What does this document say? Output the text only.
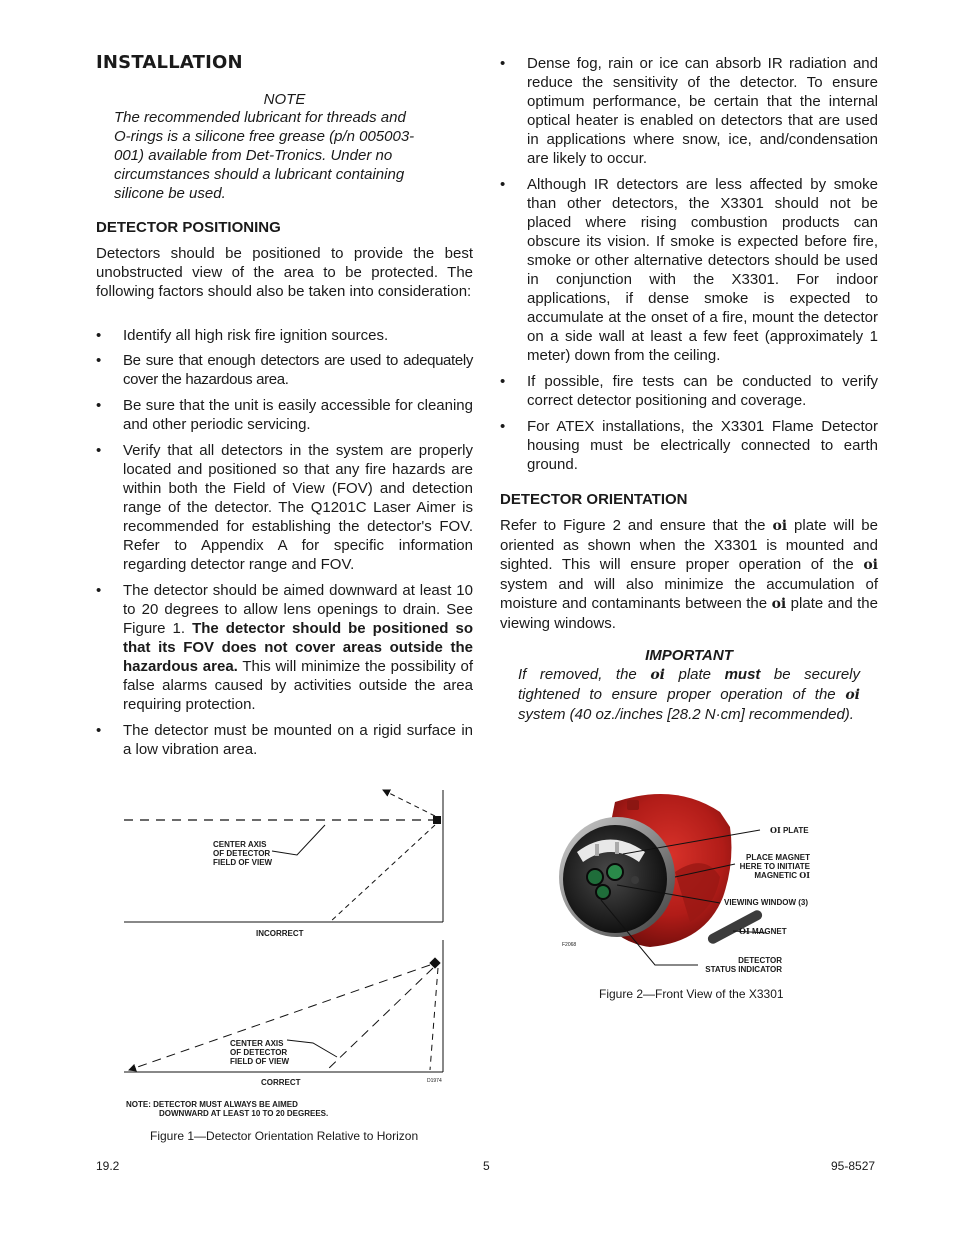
INSTALLATION
NOTE
The recommended lubricant for threads and
O-rings is a silicone free grease (p/n 005003-
001) available from Det-Tronics. Under no
circumstances should a lubricant containing
silicone be used.
DETECTOR POSITIONING

Detectors should be positioned to provide the best unobstructed view of the area to be protected. The following factors should also be taken into consideration:

• Identify all high risk fire ignition sources.
• Be sure that enough detectors are used to adequately cover the hazardous area.
• Be sure that the unit is easily accessible for cleaning and other periodic servicing.
• Verify that all detectors in the system are properly located and positioned so that any fire hazards are within both the Field of View (FOV) and detection range of the detector. The Q1201C Laser Aimer is recommended for establishing the detector's FOV. Refer to Appendix A for specific information regarding detector range and FOV.
• The detector should be aimed downward at least 10 to 20 degrees to allow lens openings to drain. See Figure 1. The detector should be positioned so that its FOV does not cover areas outside the hazardous area. This will minimize the possibility of false alarms caused by activities outside the area requiring protection.
• The detector must be mounted on a rigid surface in a low vibration area.
• Dense fog, rain or ice can absorb IR radiation and reduce the sensitivity of the detector. To ensure optimum performance, be certain that the internal optical heater is enabled on detectors that are used in applications where snow, ice, and/condensation are likely to occur.
• Although IR detectors are less affected by smoke than other detectors, the X3301 should not be placed where rising combustion products can obscure its vision. If smoke is expected before fire, smoke or other alternative detectors should be used in conjunction with the X3301. For indoor applications, if dense smoke is expected to accumulate at the onset of a fire, mount the detector on a side wall at least a few feet (approximately 1 meter) down from the ceiling.
• If possible, fire tests can be conducted to verify correct detector positioning and coverage.
• For ATEX installations, the X3301 Flame Detector housing must be electrically connected to earth ground.
DETECTOR ORIENTATION

Refer to Figure 2 and ensure that the oi plate will be oriented as shown when the X3301 is mounted and sighted. This will ensure proper operation of the oi system and will also minimize the accumulation of moisture and contaminants between the oi plate and the viewing windows.

IMPORTANT

If removed, the oi plate must be securely tightened to ensure proper operation of the oi system (40 oz./inches [28.2 N·cm] recommended).

CENTER AXIS
OF DETECTOR
FIELD OF VIEW
INCORRECT
CENTER AXIS
OF DETECTOR
FIELD OF VIEW
CORRECT	D1974
NOTE: DETECTOR MUST ALWAYS BE AIMED
DOWNWARD AT LEAST 10 TO 20 DEGREES.
Figure 1—Detector Orientation Relative to Horizon
OI PLATE
PLACE MAGNET
HERE TO INITIATE
MAGNETIC OI
VIEWING WINDOW (3)
OI MAGNET
DETECTOR
STATUS INDICATOR
F2068
Figure 2—Front View of the X3301
19.2	5	95-8527
